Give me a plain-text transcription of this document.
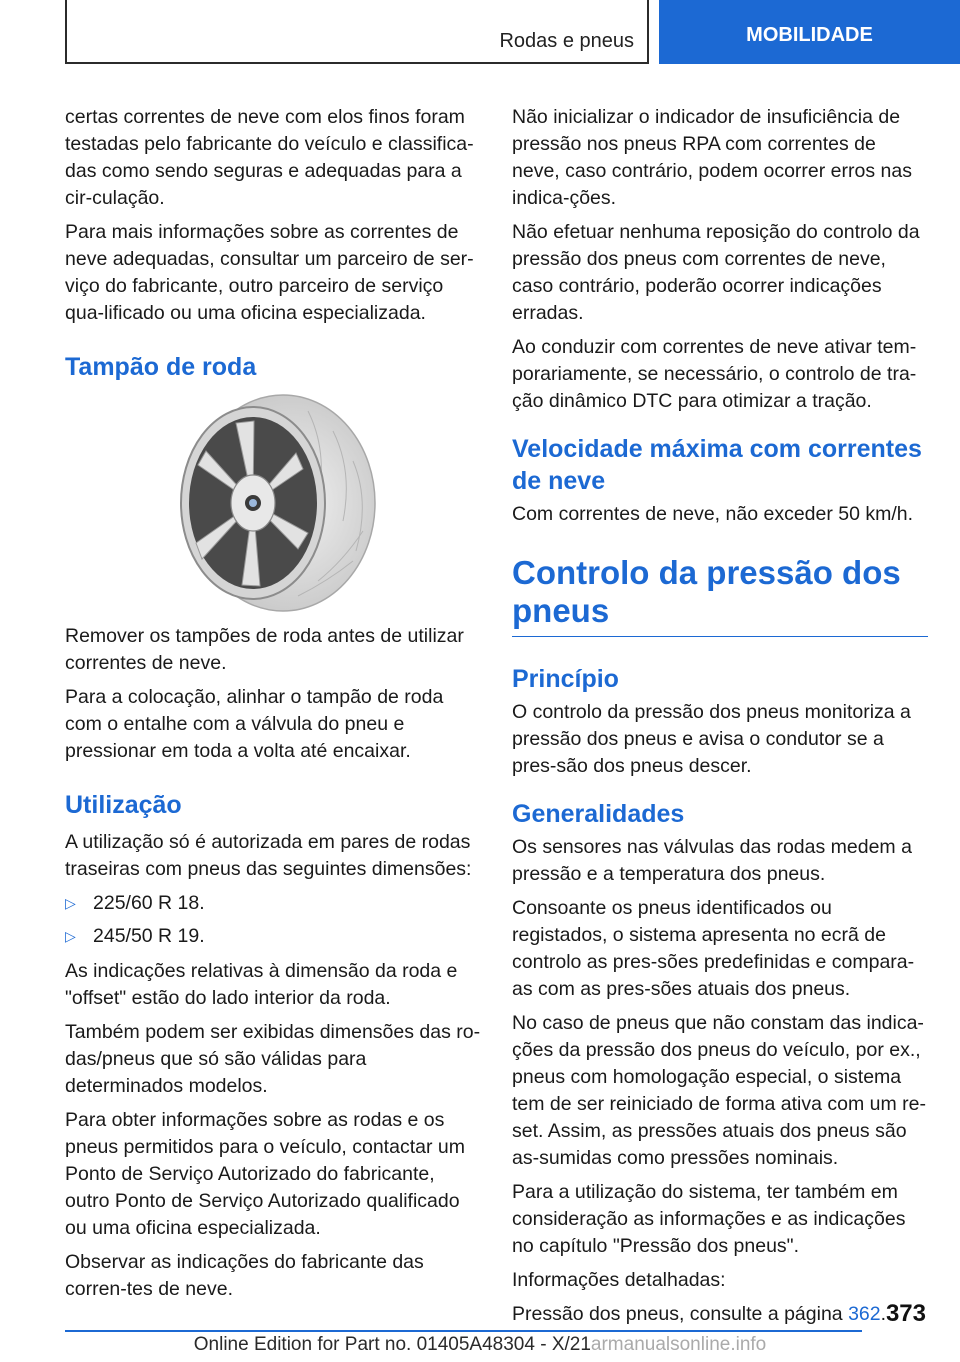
Rodas e pneus	MOBILIDADE

certas correntes de neve com elos finos foram testadas pelo fabricante do veículo e classifica-das como sendo seguras e adequadas para a cir-culação.

Para mais informações sobre as correntes de neve adequadas, consultar um parceiro de ser-viço do fabricante, outro parceiro de serviço qua-lificado ou uma oficina especializada.

Tampão de roda

Remover os tampões de roda antes de utilizar correntes de neve.

Para a colocação, alinhar o tampão de roda com o entalhe com a válvula do pneu e pressionar em toda a volta até encaixar.

Utilização

A utilização só é autorizada em pares de rodas traseiras com pneus das seguintes dimensões:

▷ 225/60 R 18.
▷ 245/50 R 19.

As indicações relativas à dimensão da roda e "offset" estão do lado interior da roda.

Também podem ser exibidas dimensões das ro-das/pneus que só são válidas para determinados modelos.

Para obter informações sobre as rodas e os pneus permitidos para o veículo, contactar um Ponto de Serviço Autorizado do fabricante, outro Ponto de Serviço Autorizado qualificado ou uma oficina especializada.

Observar as indicações do fabricante das corren-tes de neve.

Não inicializar o indicador de insuficiência de pressão nos pneus RPA com correntes de neve, caso contrário, podem ocorrer erros nas indica-ções.

Não efetuar nenhuma reposição do controlo da pressão dos pneus com correntes de neve, caso contrário, poderão ocorrer indicações erradas.

Ao conduzir com correntes de neve ativar tem-porariamente, se necessário, o controlo de tra-ção dinâmico DTC para otimizar a tração.

Velocidade máxima com correntes de neve

Com correntes de neve, não exceder 50 km/h.

Controlo da pressão dos pneus
Princípio

O controlo da pressão dos pneus monitoriza a pressão dos pneus e avisa o condutor se a pres-são dos pneus descer.

Generalidades

Os sensores nas válvulas das rodas medem a pressão e a temperatura dos pneus.

Consoante os pneus identificados ou registados, o sistema apresenta no ecrã de controlo as pres-sões predefinidas e compara-as com as pres-sões atuais dos pneus.

No caso de pneus que não constam das indica-ções da pressão dos pneus do veículo, por ex., pneus com homologação especial, o sistema tem de ser reiniciado de forma ativa com um re-set. Assim, as pressões atuais dos pneus são as-sumidas como pressões nominais.

Para a utilização do sistema, ter também em consideração as informações e as indicações no capítulo "Pressão dos pneus".

Informações detalhadas:

Pressão dos pneus, consulte a página 362. 373
Online Edition for Part no. 01405A48304 - X/21armanualsonline.info
